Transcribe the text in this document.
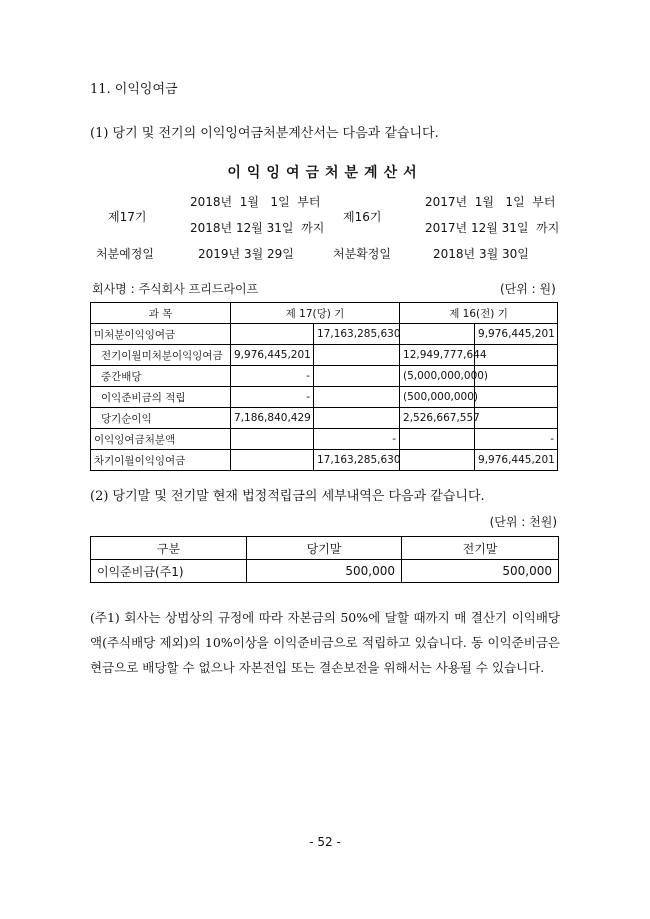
11. 이익잉여금
(1) 당기 및 전기의 이익잉여금처분계산서는 다음과 같습니다.
이익잉여금처분계산서
제17기
2018년  1월   1일  부터
2018년 12월 31일  까지
제16기
2017년  1월   1일  부터
2017년 12월 31일  까지
처분예정일	2019년 3월 29일	처분확정일	2018년 3월 30일
회사명 : 주식회사 프리드라이프	(단위 : 원)
과 목	제 17(당) 기		제 16(전) 기	
미처분이익잉여금		17,163,285,630		9,976,445,201
전기이월미처분이익잉여금	9,976,445,201		12,949,777,644	
중간배당	-		(5,000,000,000)	
이익준비금의 적립	-		(500,000,000)	
당기순이익	7,186,840,429		2,526,667,557	
이익잉여금처분액		-		-
차기이월이익잉여금		17,163,285,630		9,976,445,201
(2) 당기말 및 전기말 현재 법정적립금의 세부내역은 다음과 같습니다.
(단위 : 천원)
구분	당기말	전기말
이익준비금(주1)	500,000	500,000
(주1) 회사는 상법상의 규정에 따라 자본금의 50%에 달할 때까지 매 결산기 이익배당액(주식배당 제외)의 10%이상을 이익준비금으로 적립하고 있습니다. 동 이익준비금은 현금으로 배당할 수 없으나 자본전입 또는 결손보전을 위해서는 사용될 수 있습니다.
- 52 -
